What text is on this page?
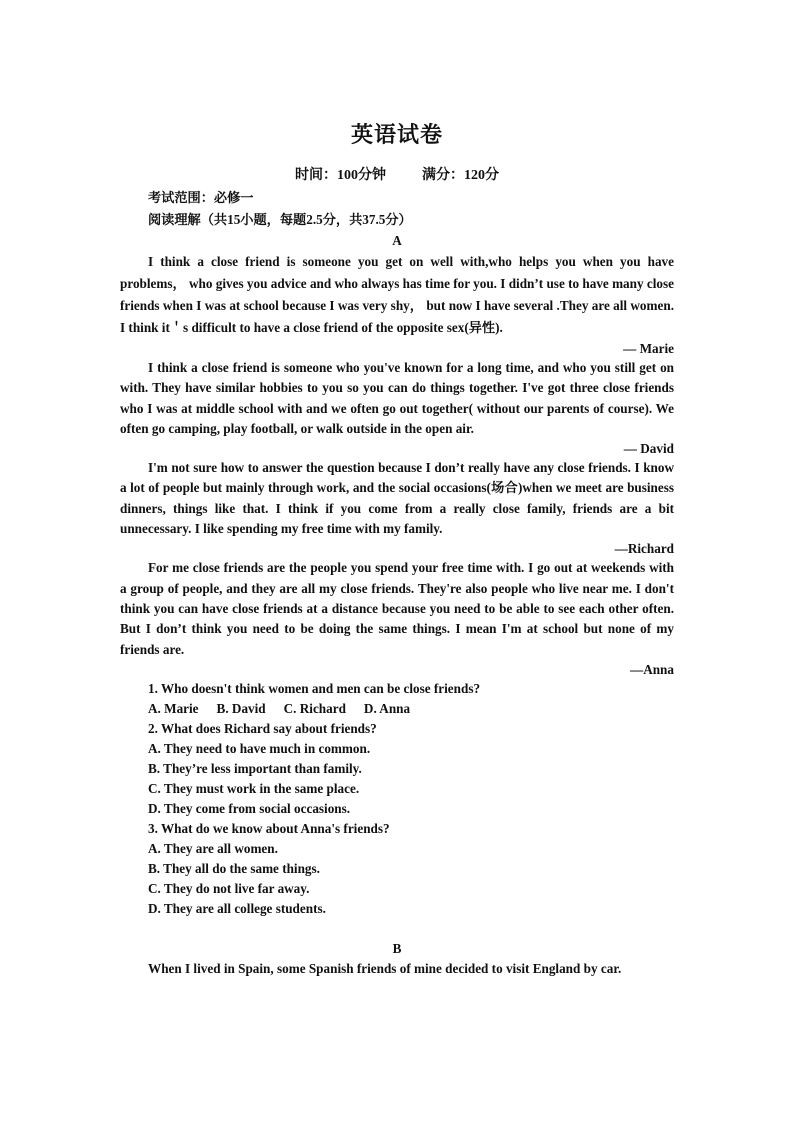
英语试卷
时间：100分钟	满分：120分
考试范围：必修一
阅读理解（共15小题，每题2.5分，共37.5分）
A

I think a close friend is someone you get on well with,who helps you when you have problems， who gives you advice and who always has time for you. I didn’t use to have many close friends when I was at school because I was very shy， but now I have several .They are all women. I think it＇s difficult to have a close friend of the opposite sex(异性).

— Marie

I think a close friend is someone who you've known for a long time, and who you still get on with. They have similar hobbies to you so you can do things together. I've got three close friends who I was at middle school with and we often go out together( without our parents of course). We often go camping, play football, or walk outside in the open air.

— David

I'm not sure how to answer the question because I don’t really have any close friends. I know a lot of people but mainly through work, and the social occasions(场合)when we meet are business dinners, things like that. I think if you come from a really close family, friends are a bit unnecessary. I like spending my free time with my family.

—Richard

For me close friends are the people you spend your free time with. I go out at weekends with a group of people, and they are all my close friends. They're also people who live near me. I don't think you can have close friends at a distance because you need to be able to see each other often. But I don’t think you need to be doing the same things. I mean I'm at school but none of my friends are.

—Anna

1. Who doesn't think women and men can be close friends?

A. Marie B. David C. Richard D. Anna

2. What does Richard say about friends?

A. They need to have much in common.

B. They’re less important than family.

C. They must work in the same place.

D. They come from social occasions.

3. What do we know about Anna's friends?

A. They are all women.

B. They all do the same things.

C. They do not live far away.

D. They are all college students.

B

When I lived in Spain, some Spanish friends of mine decided to visit England by car.
